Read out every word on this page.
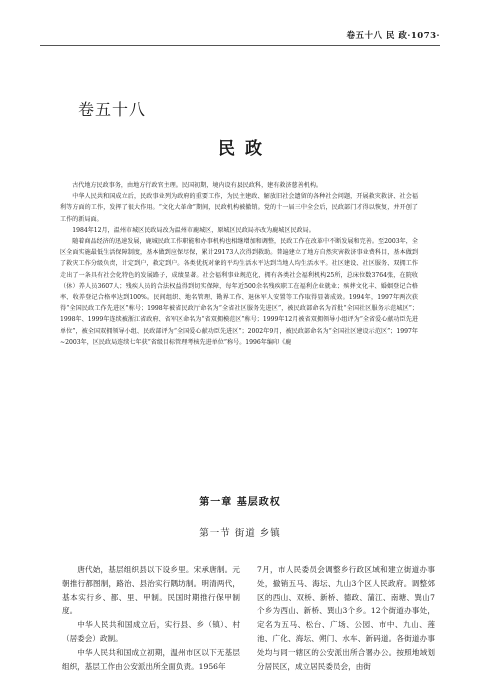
卷五十八 民 政·1073·
卷五十八
民政

古代地方民政事务，由地方行政官主理。民国初期，境内设有县民政科，建有救济慈善机构。

中华人民共和国成立后，民政事业列为政府的重要工作，为民主建政、解放旧社会遗留的各种社会问题，开展救灾救济、社会福利等方面的工作，发挥了很大作用。“文化大革命”期间，民政机构被撤销。党的十一届三中全会后，民政部门才得以恢复，并开创了工作的新局面。

1984年12月，温州市城区民政局改为温州市鹿城区，原城区民政局亦改为鹿城区民政局。

随着商品经济的迅速发展，鹿城民政工作职能和办事机构也相继增加和调整，民政工作在改革中不断发展和完善。至2003年，全区全面实施最低生活保障制度，基本做到应保尽保，累计29173人次得到救助。普遍建立了地方自然灾害救济事业费科目，基本做到了救灾工作分级负责，计定到户，救定到户。各类优抚对象的平均生活水平达到当地人均生活水平。社区建设、社区服务、双拥工作走出了一条具有社会化特色的发展路子，成绩显著。社会福利事业规范化，拥有各类社会福利机构25所，总床位数3764张，在院收（休）养人员3607人；残疾人员的合法权益得到切实保障，每年近500余名残疾职工在福利企业就业；殡葬文化丰、婚姻登记合格率、收养登记合格率达到100%。民间组织、地名管理、勘界工作、退休军人安置等工作取得显著成效。1994年，1997年两次获得“全国民政工作先进区”称号；1998年被省民政厅命名为“全省社区服务先进区”，被民政部命名为首批“全国社区服务示范城区”；1998年、1999年连续被浙江省政府、省军区命名为“省双拥模范区”称号；1999年12月被省双拥领导小组评为“全省爱心献功臣先进单位”，被全国双拥领导小组、民政部评为“全国爱心献功臣先进区”；2002年9月，被民政部命名为“全国社区建设示范区”；1997年~2003年，区民政局连续七年获“省级目标管理考核先进单位”称号。1996年编印《鹿

第一章 基层政权
第一节 街道 乡镇

唐代始，基层组织县以下设乡里。宋承唐制。元朝推行都图制，路治、县治实行隅坊制。明清两代，基本实行乡、都、里、甲制。民国时期推行保甲制度。

中华人民共和国成立后，实行县、乡（镇）、村（居委会）政制。

中华人民共和国成立初期，温州市区以下无基层组织，基层工作由公安派出所全面负责。1956年

7月，市人民委员会调整乡行政区域和建立街道办事处，撤销五马、海坛、九山3个区人民政府。调整郊区的西山、双桥、新桥、德政、蒲江、南塘、巽山7个乡为西山、新桥、巽山3个乡。12个街道办事处，定名为五马、松台、广场、公园、市中、九山、莲池、广化、海坛、朔门、水车、新码道。各街道办事处均与同一辖区的公安派出所合署办公。按照地域划分居民区，成立居民委员会，由街
